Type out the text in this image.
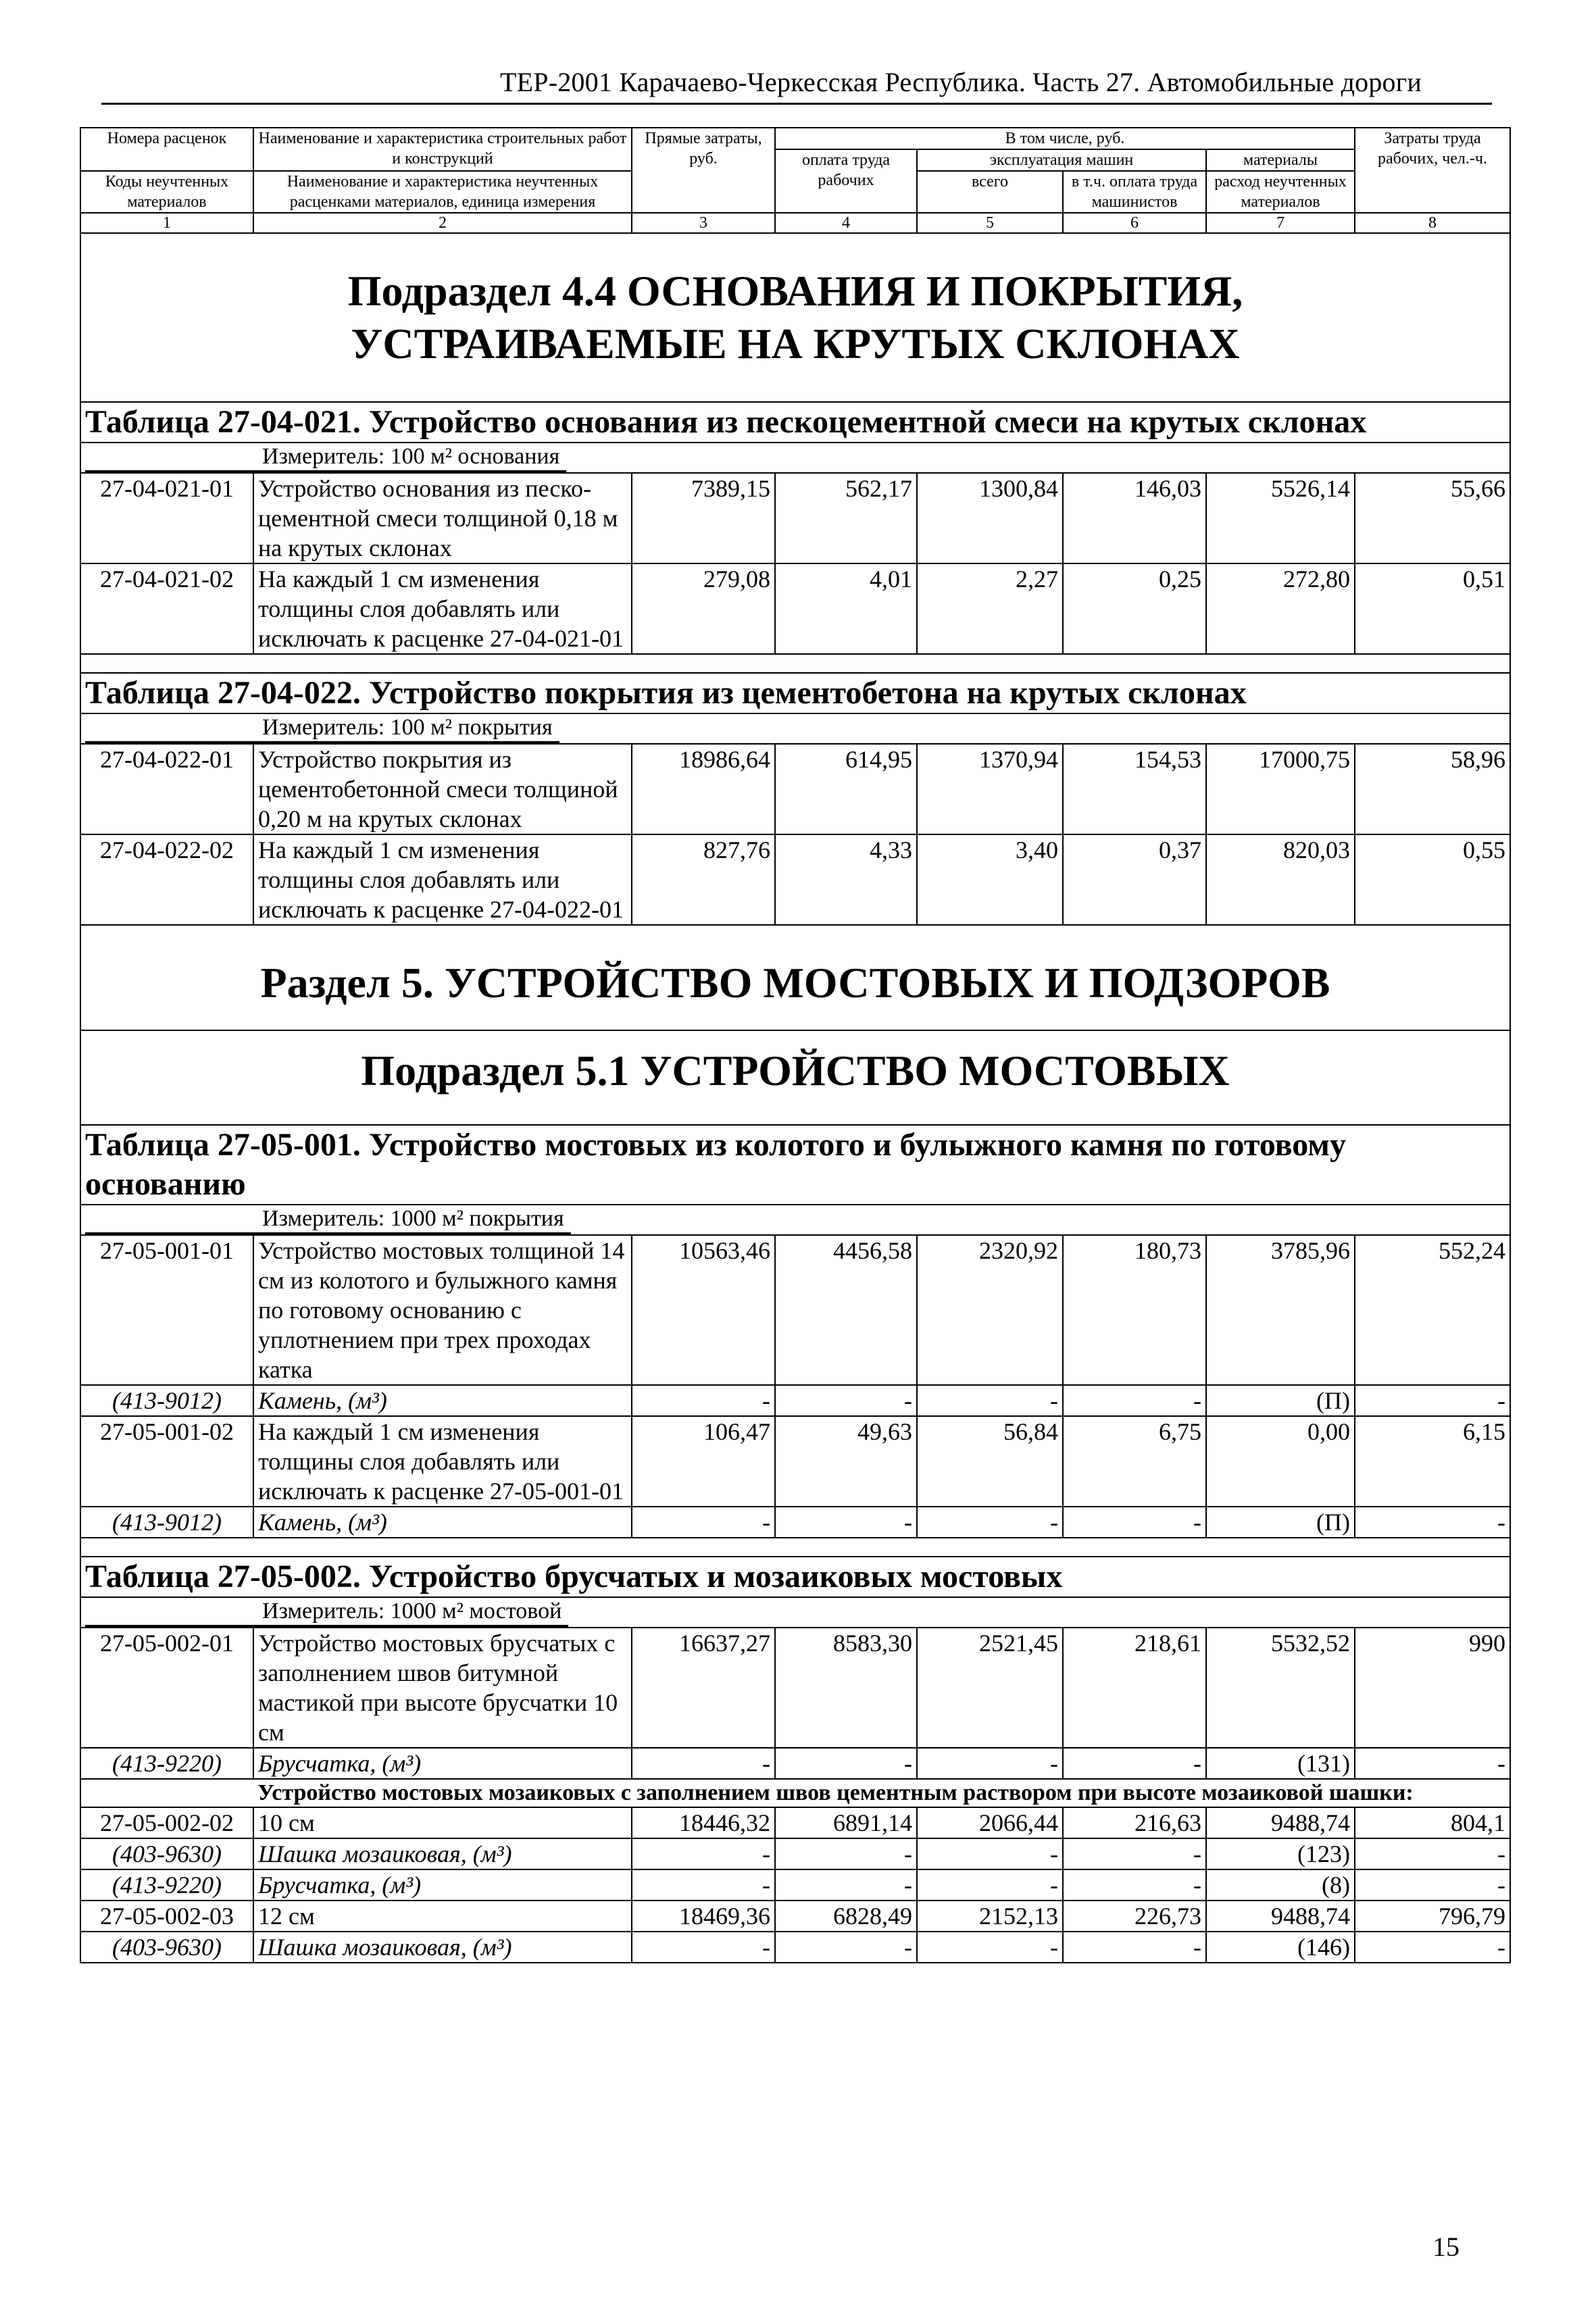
ТЕР-2001 Карачаево-Черкесская Республика. Часть 27. Автомобильные дороги
Номера расценок	Наименование и характеристика строительных работ и конструкций	Прямые затраты, руб.	В том числе, руб.				Затраты труда рабочих, чел.-ч.
			оплата труда рабочих	эксплуатация машин		материалы	
Коды неучтенных материалов	Наименование и характеристика неучтенных расценками материалов, единица измерения			всего	в т.ч. оплата труда машинистов	расход неучтенных материалов	

1	2	3	4	5	6	7	8
Подраздел 4.4 ОСНОВАНИЯ И ПОКРЫТИЯ, УСТРАИВАЕМЫЕ НА КРУТЫХ СКЛОНАХ							
Таблица 27-04-021. Устройство основания из пескоцементной смеси на крутых склонах							
Измеритель: 100 м² основания							
27-04-021-01	Устройство основания из песко-цементной смеси толщиной 0,18 м на крутых склонах	7389,15	562,17	1300,84	146,03	5526,14	55,66
27-04-021-02	На каждый 1 см изменения толщины слоя добавлять или исключать к расценке 27-04-021-01	279,08	4,01	2,27	0,25	272,80	0,51

Таблица 27-04-022. Устройство покрытия из цементобетона на крутых склонах							
Измеритель: 100 м² покрытия							
27-04-022-01	Устройство покрытия из цементобетонной смеси толщиной 0,20 м на крутых склонах	18986,64	614,95	1370,94	154,53	17000,75	58,96
27-04-022-02	На каждый 1 см изменения толщины слоя добавлять или исключать к расценке 27-04-022-01	827,76	4,33	3,40	0,37	820,03	0,55
Раздел 5. УСТРОЙСТВО МОСТОВЫХ И ПОДЗОРОВ							
Подраздел 5.1 УСТРОЙСТВО МОСТОВЫХ							
Таблица 27-05-001. Устройство мостовых из колотого и булыжного камня по готовому основанию							
Измеритель: 1000 м² покрытия							
27-05-001-01	Устройство мостовых толщиной 14 см из колотого и булыжного камня по готовому основанию с уплотнением при трех проходах катка	10563,46	4456,58	2320,92	180,73	3785,96	552,24
(413-9012)	Камень, (м³)	-	-	-	-	(П)	-
27-05-001-02	На каждый 1 см изменения толщины слоя добавлять или исключать к расценке 27-05-001-01	106,47	49,63	56,84	6,75	0,00	6,15
(413-9012)	Камень, (м³)	-	-	-	-	(П)	-

Таблица 27-05-002. Устройство брусчатых и мозаиковых мостовых							
Измеритель: 1000 м² мостовой							
27-05-002-01	Устройство мостовых брусчатых с заполнением швов битумной мастикой при высоте брусчатки 10 см	16637,27	8583,30	2521,45	218,61	5532,52	990
(413-9220)	Брусчатка, (м³)	-	-	-	-	(131)	-
	Устройство мостовых мозаиковых с заполнением швов цементным раствором при высоте мозаиковой шашки:						
27-05-002-02	10 см	18446,32	6891,14	2066,44	216,63	9488,74	804,1
(403-9630)	Шашка мозаиковая, (м³)	-	-	-	-	(123)	-
(413-9220)	Брусчатка, (м³)	-	-	-	-	(8)	-
27-05-002-03	12 см	18469,36	6828,49	2152,13	226,73	9488,74	796,79
(403-9630)	Шашка мозаиковая, (м³)	-	-	-	-	(146)	-
15
